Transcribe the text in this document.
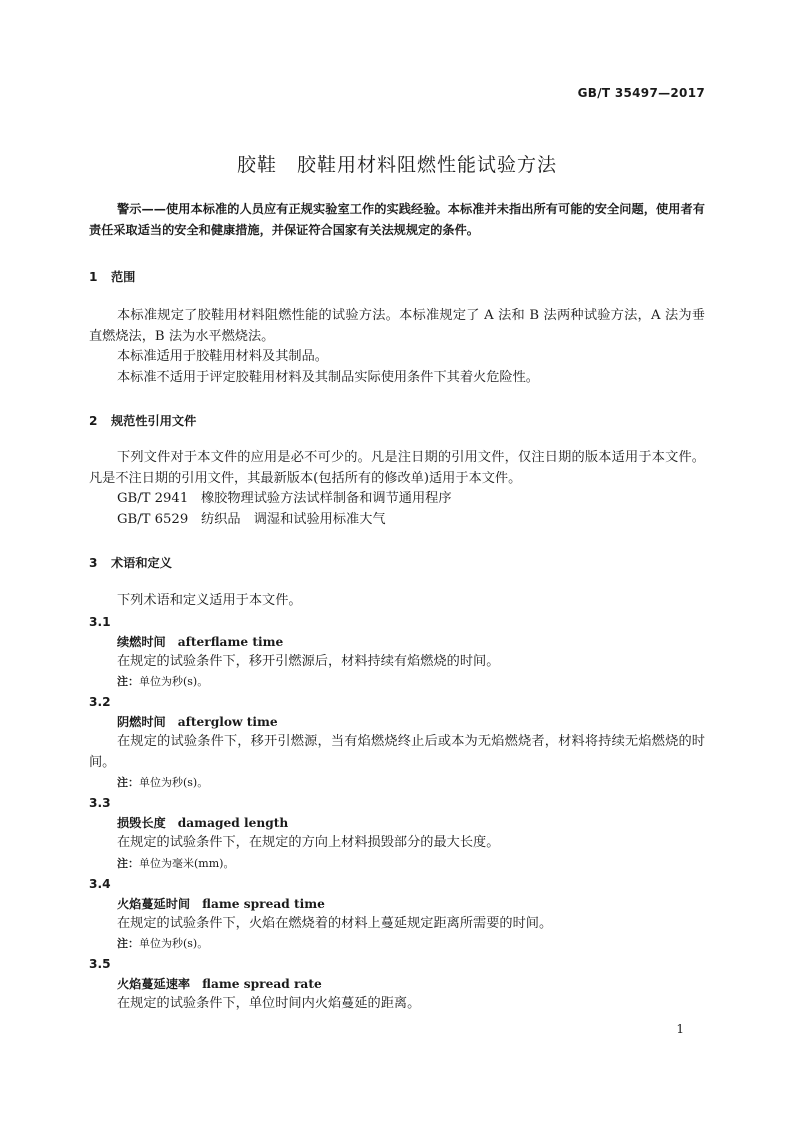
GB/T 35497—2017
胶鞋　胶鞋用材料阻燃性能试验方法

警示——使用本标准的人员应有正规实验室工作的实践经验。本标准并未指出所有可能的安全问题，使用者有责任采取适当的安全和健康措施，并保证符合国家有关法规规定的条件。

1 范围

本标准规定了胶鞋用材料阻燃性能的试验方法。本标准规定了 A 法和 B 法两种试验方法，A 法为垂直燃烧法，B 法为水平燃烧法。

本标准适用于胶鞋用材料及其制品。

本标准不适用于评定胶鞋用材料及其制品实际使用条件下其着火危险性。

2 规范性引用文件

下列文件对于本文件的应用是必不可少的。凡是注日期的引用文件，仅注日期的版本适用于本文件。凡是不注日期的引用文件，其最新版本(包括所有的修改单)适用于本文件。

GB/T 2941 橡胶物理试验方法试样制备和调节通用程序

GB/T 6529 纺织品　调湿和试验用标准大气

3 术语和定义

下列术语和定义适用于本文件。

3.1
续燃时间 afterflame time

在规定的试验条件下，移开引燃源后，材料持续有焰燃烧的时间。

注：单位为秒(s)。

3.2
阴燃时间 afterglow time

在规定的试验条件下，移开引燃源，当有焰燃烧终止后或本为无焰燃烧者，材料将持续无焰燃烧的时间。

注：单位为秒(s)。

3.3
损毁长度 damaged length

在规定的试验条件下，在规定的方向上材料损毁部分的最大长度。

注：单位为毫米(mm)。

3.4
火焰蔓延时间 flame spread time

在规定的试验条件下，火焰在燃烧着的材料上蔓延规定距离所需要的时间。

注：单位为秒(s)。

3.5
火焰蔓延速率 flame spread rate

在规定的试验条件下，单位时间内火焰蔓延的距离。

1
